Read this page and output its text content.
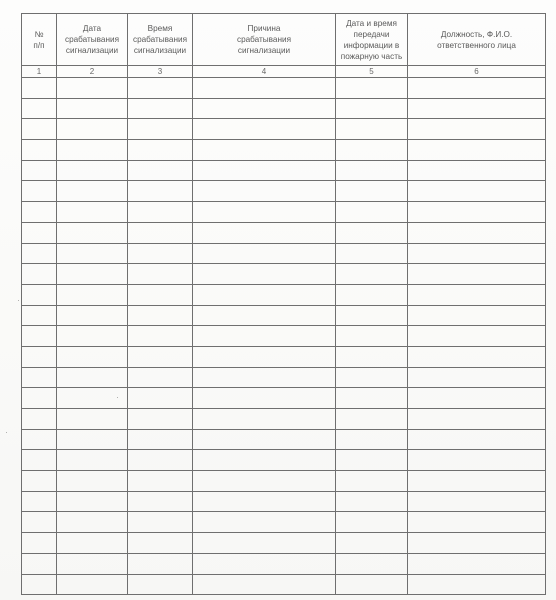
№
п/п	Дата
срабатывания
сигнализации	Время
срабатывания
сигнализации	Причина
срабатывания
сигнализации	Дата и время
передачи
информации в
пожарную часть	Должность, Ф.И.О.
ответственного лица

1	2	3	4	5	6
